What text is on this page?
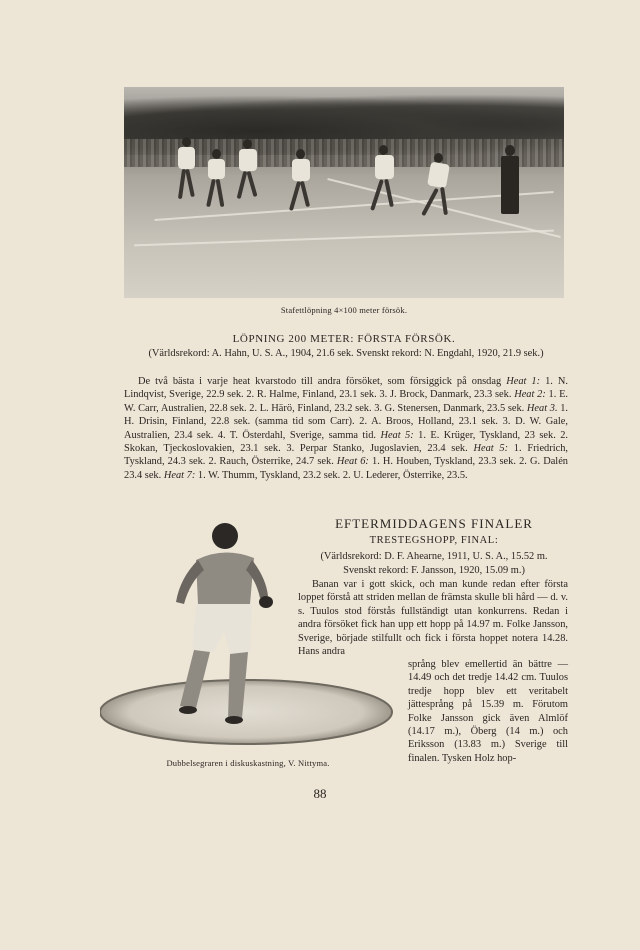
Stafettlöpning 4×100 meter försök.
LÖPNING 200 METER: FÖRSTA FÖRSÖK.
(Världsrekord: A. Hahn, U. S. A., 1904, 21.6 sek. Svenskt rekord: N. Engdahl, 1920, 21.9 sek.)

De två bästa i varje heat kvarstodo till andra försöket, som försiggick på onsdag Heat 1: 1. N. Lindqvist, Sverige, 22.9 sek. 2. R. Halme, Finland, 23.1 sek. 3. J. Brock, Danmark, 23.3 sek. Heat 2: 1. E. W. Carr, Australien, 22.8 sek. 2. L. Härö, Finland, 23.2 sek. 3. G. Stenersen, Danmark, 23.5 sek. Heat 3. 1. H. Drisin, Finland, 22.8 sek. (samma tid som Carr). 2. A. Broos, Holland, 23.1 sek. 3. D. W. Gale, Australien, 23.4 sek. 4. T. Österdahl, Sverige, samma tid. Heat 5: 1. E. Krüger, Tyskland, 23 sek. 2. Skokan, Tjeckoslovakien, 23.1 sek. 3. Perpar Stanko, Jugoslavien, 23.4 sek. Heat 5: 1. Friedrich, Tyskland, 24.3 sek. 2. Rauch, Österrike, 24.7 sek. Heat 6: 1. H. Houben, Tyskland, 23.3 sek. 2. G. Dalén 23.4 sek. Heat 7: 1. W. Thumm, Tyskland, 23.2 sek. 2. U. Lederer, Österrike, 23.5.

EFTERMIDDAGENS FINALER
TRESTEGSHOPP, FINAL:
(Världsrekord: D. F. Ahearne, 1911, U. S. A., 15.52 m.
Svenskt rekord: F. Jansson, 1920, 15.09 m.)

Banan var i gott skick, och man kunde redan efter första loppet förstå att striden mellan de främsta skulle bli hård — d. v. s. Tuulos stod förstås fullständigt utan konkurrens. Redan i andra försöket fick han upp ett hopp på 14.97 m. Folke Jansson, Sverige, började stilfullt och fick i första hoppet notera 14.28. Hans andra

språng blev emellertid än bättre — 14.49 och det tredje 14.42 cm. Tuulos tredje hopp blev ett veritabelt jättesprång på 15.39 m. Förutom Folke Jansson gick även Almlöf (14.17 m.), Öberg (14 m.) och Eriksson (13.83 m.) Sverige till finalen. Tysken Holz hop-
Dubbelsegraren i diskuskastning, V. Nittyma.
88
